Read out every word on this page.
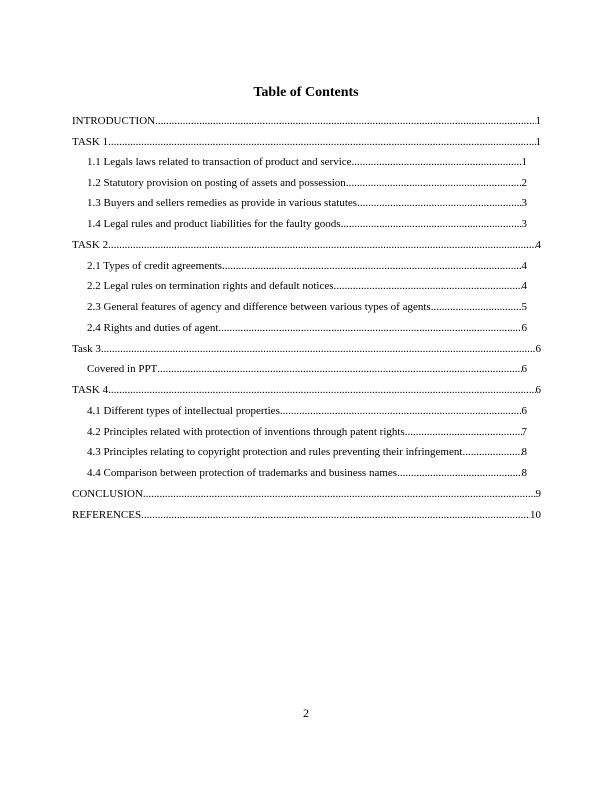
Table of Contents
INTRODUCTION .....	1
TASK 1 .....	1
1.1 Legals laws related to transaction of product and service .....	1
1.2 Statutory provision on posting of assets and possession .....	2
1.3 Buyers and sellers remedies as provide in various statutes .....	3
1.4 Legal rules and product liabilities for the faulty goods .....	3
TASK 2 .....	4
2.1 Types of credit agreements .....	4
2.2 Legal rules on termination rights and default notices .....	4
2.3 General features of agency and difference between various types of agents .....	5
2.4 Rights and duties of agent .....	6
Task 3 .....	6
Covered in PPT .....	6
TASK 4 .....	6
4.1 Different types of intellectual properties .....	6
4.2 Principles related with protection of inventions through patent rights .....	7
4.3 Principles relating to copyright protection and rules preventing their infringement .....	8
4.4 Comparison between protection of trademarks and business names .....	8
CONCLUSION .....	9
REFERENCES .....	10
2
